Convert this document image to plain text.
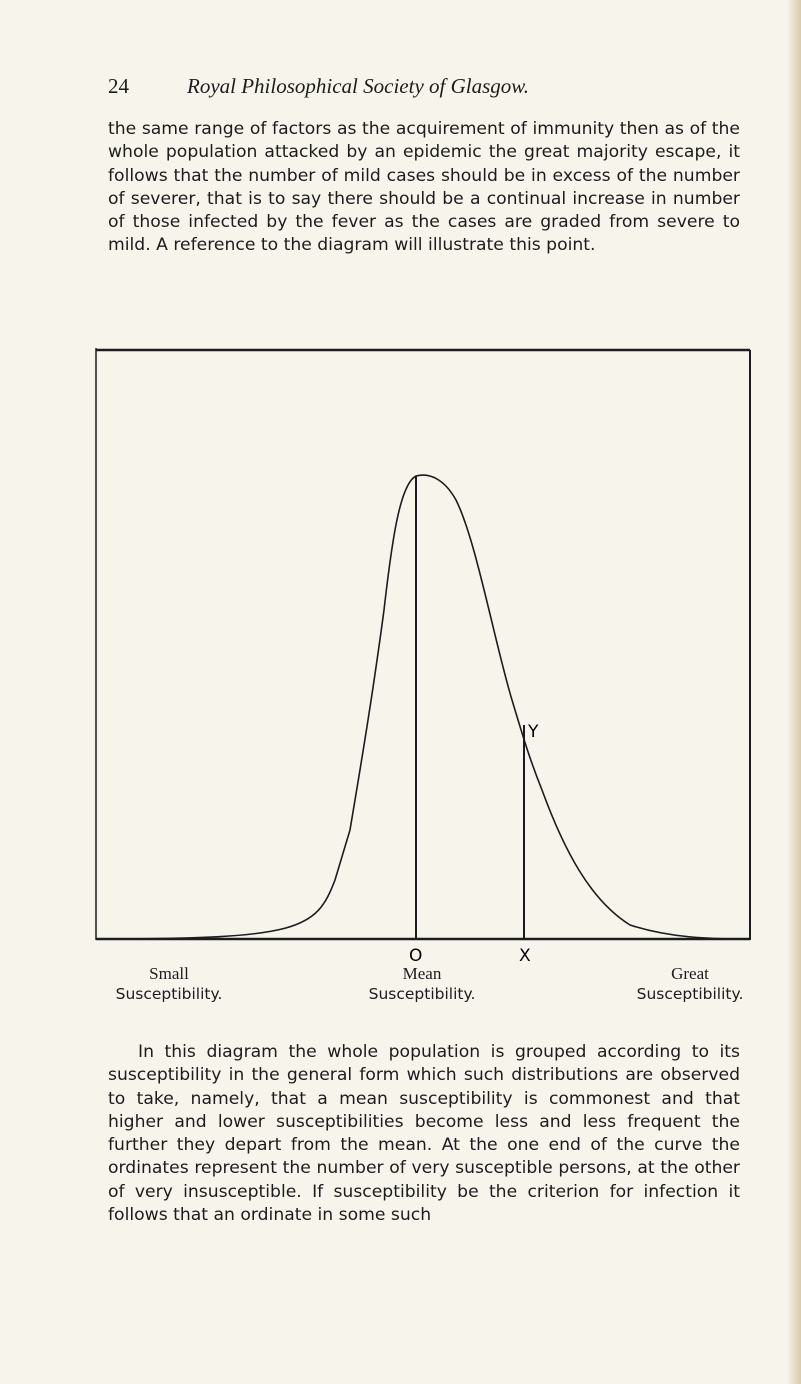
24	Royal Philosophical Society of Glasgow.

the same range of factors as the acquirement of immunity then as of the whole population attacked by an epidemic the great majority escape, it follows that the number of mild cases should be in excess of the number of severer, that is to say there should be a continual increase in number of those infected by the fever as the cases are graded from severe to mild. A reference to the diagram will illustrate this point.

O	X
Y
Small
Susceptibility.
Mean
Susceptibility.
Great
Susceptibility.

In this diagram the whole population is grouped according to its susceptibility in the general form which such distributions are observed to take, namely, that a mean susceptibility is commonest and that higher and lower susceptibilities become less and less frequent the further they depart from the mean. At the one end of the curve the ordinates represent the number of very susceptible persons, at the other of very insusceptible. If susceptibility be the criterion for infection it follows that an ordinate in some such
